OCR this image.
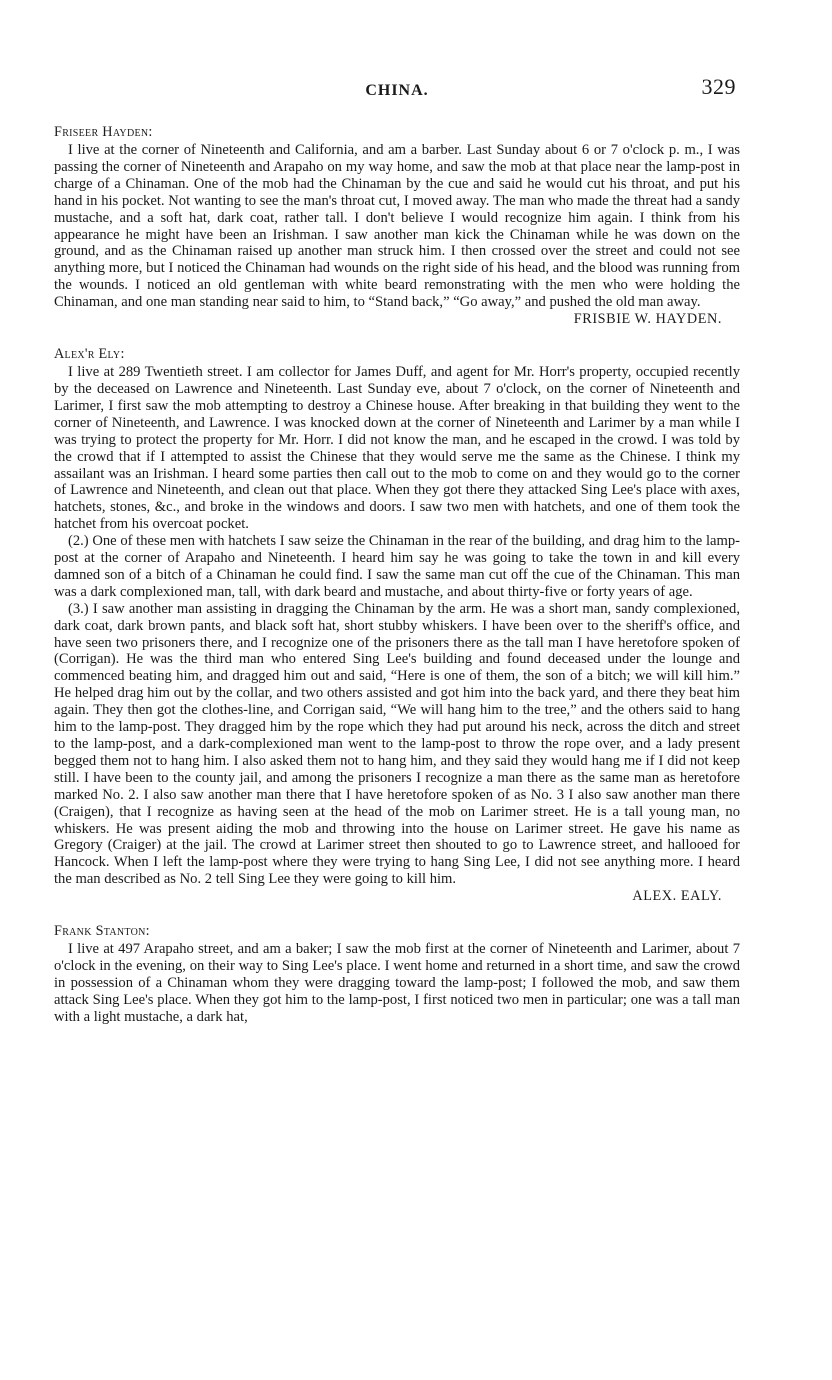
CHINA.	329
Friseer Hayden:

I live at the corner of Nineteenth and California, and am a barber. Last Sunday about 6 or 7 o'clock p. m., I was passing the corner of Nineteenth and Arapaho on my way home, and saw the mob at that place near the lamp-post in charge of a Chinaman. One of the mob had the Chinaman by the cue and said he would cut his throat, and put his hand in his pocket. Not wanting to see the man's throat cut, I moved away. The man who made the threat had a sandy mustache, and a soft hat, dark coat, rather tall. I don't believe I would recognize him again. I think from his appearance he might have been an Irishman. I saw another man kick the Chinaman while he was down on the ground, and as the Chinaman raised up another man struck him. I then crossed over the street and could not see anything more, but I noticed the Chinaman had wounds on the right side of his head, and the blood was running from the wounds. I noticed an old gentleman with white beard remonstrating with the men who were holding the Chinaman, and one man standing near said to him, to “Stand back,” “Go away,” and pushed the old man away.

FRISBIE W. HAYDEN.
Alex'r Ely:

I live at 289 Twentieth street. I am collector for James Duff, and agent for Mr. Horr's property, occupied recently by the deceased on Lawrence and Nineteenth. Last Sunday eve, about 7 o'clock, on the corner of Nineteenth and Larimer, I first saw the mob attempting to destroy a Chinese house. After breaking in that building they went to the corner of Nineteenth, and Lawrence. I was knocked down at the corner of Nineteenth and Larimer by a man while I was trying to protect the property for Mr. Horr. I did not know the man, and he escaped in the crowd. I was told by the crowd that if I attempted to assist the Chinese that they would serve me the same as the Chinese. I think my assailant was an Irishman. I heard some parties then call out to the mob to come on and they would go to the corner of Lawrence and Nineteenth, and clean out that place. When they got there they attacked Sing Lee's place with axes, hatchets, stones, &c., and broke in the windows and doors. I saw two men with hatchets, and one of them took the hatchet from his overcoat pocket.

(2.) One of these men with hatchets I saw seize the Chinaman in the rear of the building, and drag him to the lamp-post at the corner of Arapaho and Nineteenth. I heard him say he was going to take the town in and kill every damned son of a bitch of a Chinaman he could find. I saw the same man cut off the cue of the Chinaman. This man was a dark complexioned man, tall, with dark beard and mustache, and about thirty-five or forty years of age.

(3.) I saw another man assisting in dragging the Chinaman by the arm. He was a short man, sandy complexioned, dark coat, dark brown pants, and black soft hat, short stubby whiskers. I have been over to the sheriff's office, and have seen two prisoners there, and I recognize one of the prisoners there as the tall man I have heretofore spoken of (Corrigan). He was the third man who entered Sing Lee's building and found deceased under the lounge and commenced beating him, and dragged him out and said, “Here is one of them, the son of a bitch; we will kill him.” He helped drag him out by the collar, and two others assisted and got him into the back yard, and there they beat him again. They then got the clothes-line, and Corrigan said, “We will hang him to the tree,” and the others said to hang him to the lamp-post. They dragged him by the rope which they had put around his neck, across the ditch and street to the lamp-post, and a dark-complexioned man went to the lamp-post to throw the rope over, and a lady present begged them not to hang him. I also asked them not to hang him, and they said they would hang me if I did not keep still. I have been to the county jail, and among the prisoners I recognize a man there as the same man as heretofore marked No. 2. I also saw another man there that I have heretofore spoken of as No. 3 I also saw another man there (Craigen), that I recognize as having seen at the head of the mob on Larimer street. He is a tall young man, no whiskers. He was present aiding the mob and throwing into the house on Larimer street. He gave his name as Gregory (Craiger) at the jail. The crowd at Larimer street then shouted to go to Lawrence street, and hallooed for Hancock. When I left the lamp-post where they were trying to hang Sing Lee, I did not see anything more. I heard the man described as No. 2 tell Sing Lee they were going to kill him.

ALEX. EALY.
Frank Stanton:

I live at 497 Arapaho street, and am a baker; I saw the mob first at the corner of Nineteenth and Larimer, about 7 o'clock in the evening, on their way to Sing Lee's place. I went home and returned in a short time, and saw the crowd in possession of a Chinaman whom they were dragging toward the lamp-post; I followed the mob, and saw them attack Sing Lee's place. When they got him to the lamp-post, I first noticed two men in particular; one was a tall man with a light mustache, a dark hat,
